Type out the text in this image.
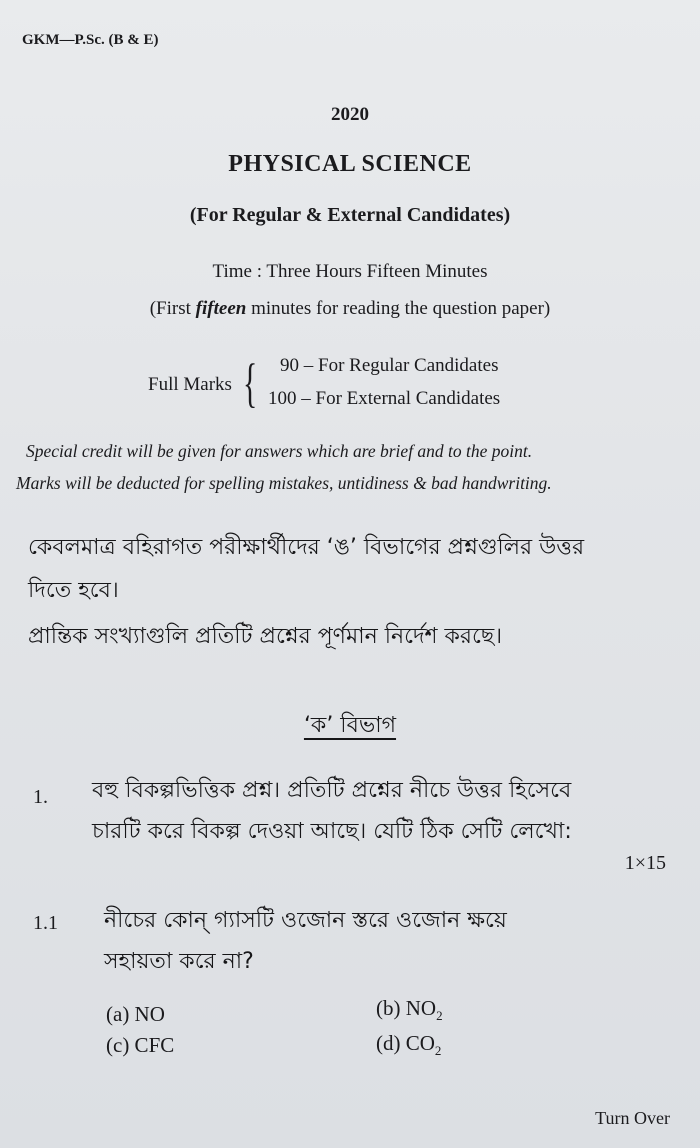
GKM—P.Sc. (B & E)
2020
PHYSICAL SCIENCE
(For Regular & External Candidates)
Time : Three Hours Fifteen Minutes
(First fifteen minutes for reading the question paper)
Full Marks { 90 – For Regular Candidates
100 – For External Candidates
Special credit will be given for answers which are brief and to the point.
Marks will be deducted for spelling mistakes, untidiness & bad handwriting.
কেবলমাত্র বহিরাগত পরীক্ষার্থীদের ‘ঙ’ বিভাগের প্রশ্নগুলির উত্তর
দিতে হবে।
প্রান্তিক সংখ্যাগুলি প্রতিটি প্রশ্নের পূর্ণমান নির্দেশ করছে।
‘ক’ বিভাগ
1. বহু বিকল্পভিত্তিক প্রশ্ন। প্রতিটি প্রশ্নের নীচে উত্তর হিসেবে
চারটি করে বিকল্প দেওয়া আছে। যেটি ঠিক সেটি লেখো:
1×15
1.1 নীচের কোন্ গ্যাসটি ওজোন স্তরে ওজোন ক্ষয়ে
সহায়তা করে না?
(a) NO	(b) $NO_2$
(c) CFC	(d) $CO_2$
Turn Over
